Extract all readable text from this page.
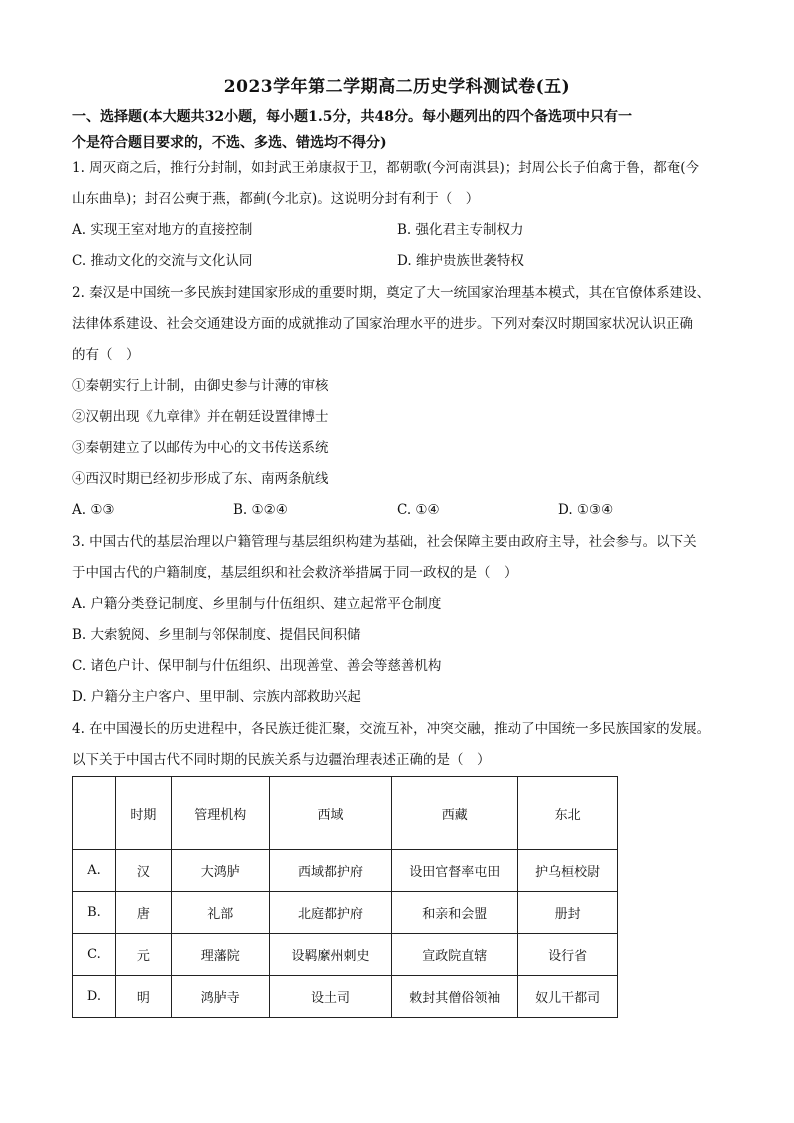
2023学年第二学期高二历史学科测试卷(五)
一、选择题(本大题共32小题，每小题1.5分，共48分。每小题列出的四个备选项中只有一
个是符合题目要求的，不选、多选、错选均不得分)
1. 周灭商之后，推行分封制，如封武王弟康叔于卫，都朝歌(今河南淇县)；封周公长子伯禽于鲁，都奄(今
山东曲阜)；封召公奭于燕，都蓟(今北京)。这说明分封有利于（　）
A. 实现王室对地方的直接控制	B. 强化君主专制权力
C. 推动文化的交流与文化认同	D. 维护贵族世袭特权
2. 秦汉是中国统一多民族封建国家形成的重要时期，奠定了大一统国家治理基本模式，其在官僚体系建设、
法律体系建设、社会交通建设方面的成就推动了国家治理水平的进步。下列对秦汉时期国家状况认识正确
的有（　）
①秦朝实行上计制，由御史参与计薄的审核
②汉朝出现《九章律》并在朝廷设置律博士
③秦朝建立了以邮传为中心的文书传送系统
④西汉时期已经初步形成了东、南两条航线
A. ①③	B. ①②④	C. ①④	D. ①③④
3. 中国古代的基层治理以户籍管理与基层组织构建为基础，社会保障主要由政府主导，社会参与。以下关
于中国古代的户籍制度，基层组织和社会救济举措属于同一政权的是（　）
A. 户籍分类登记制度、乡里制与什伍组织、建立起常平仓制度
B. 大索貌阅、乡里制与邻保制度、提倡民间积储
C. 诸色户计、保甲制与什伍组织、出现善堂、善会等慈善机构
D. 户籍分主户客户、里甲制、宗族内部救助兴起
4. 在中国漫长的历史进程中，各民族迁徙汇聚，交流互补，冲突交融，推动了中国统一多民族国家的发展。
以下关于中国古代不同时期的民族关系与边疆治理表述正确的是（　）
	时期	管理机构	西域	西藏	东北
A.	汉	大鸿胪	西域都护府	设田官督率屯田	护乌桓校尉
B.	唐	礼部	北庭都护府	和亲和会盟	册封
C.	元	理藩院	设羁縻州刺史	宣政院直辖	设行省
D.	明	鸿胪寺	设土司	敕封其僧俗领袖	奴儿干都司
